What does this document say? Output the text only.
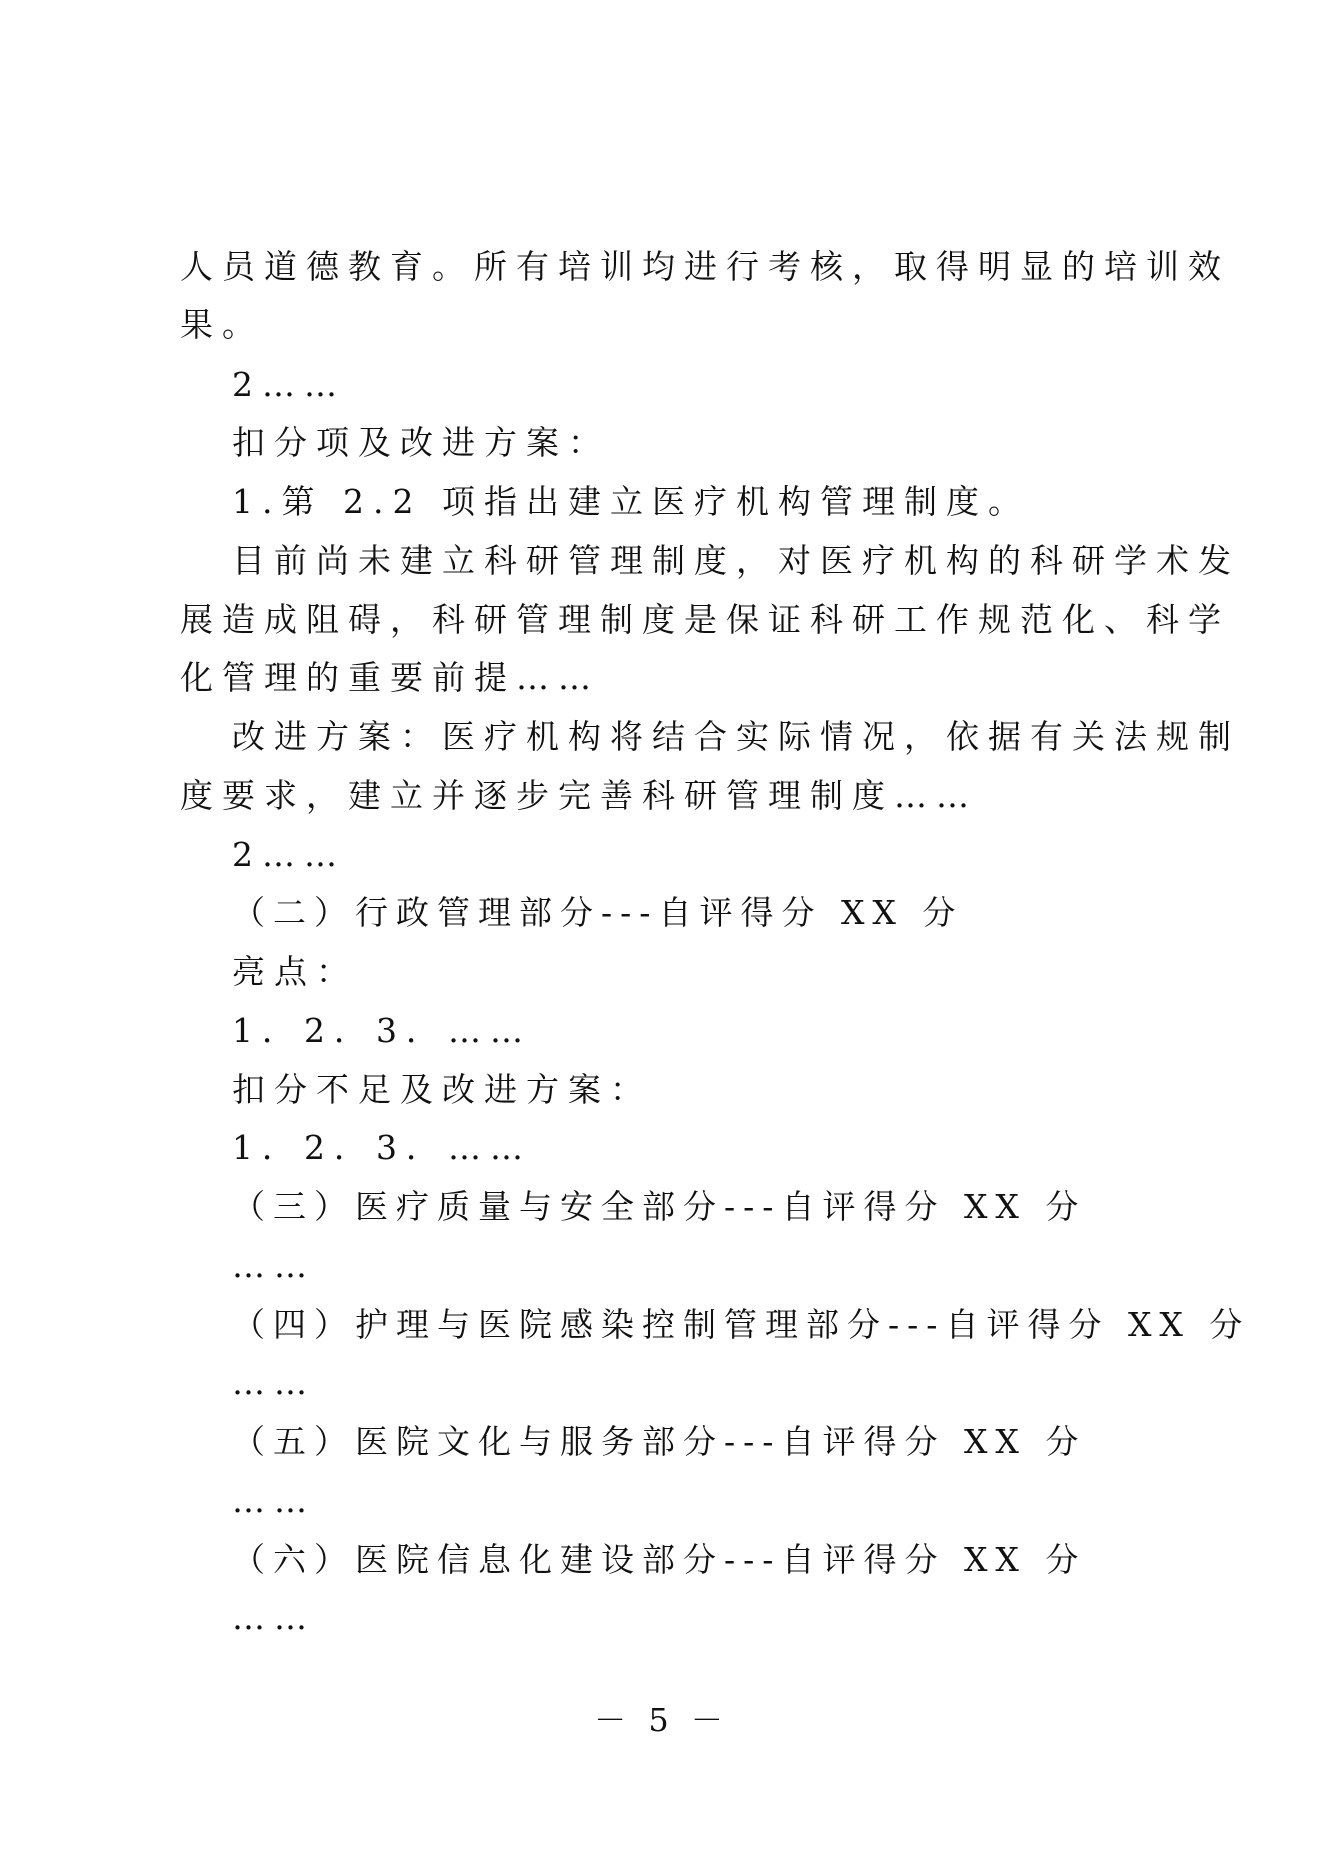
人员道德教育。所有培训均进行考核，取得明显的培训效
果。
2……
扣分项及改进方案：
1.第 2.2 项指出建立医疗机构管理制度。
目前尚未建立科研管理制度，对医疗机构的科研学术发
展造成阻碍，科研管理制度是保证科研工作规范化、科学
化管理的重要前提……
改进方案：医疗机构将结合实际情况，依据有关法规制
度要求，建立并逐步完善科研管理制度……
2……
（二）行政管理部分---自评得分 XX 分
亮点：
1．2．3．……
扣分不足及改进方案：
1．2．3．……
（三）医疗质量与安全部分---自评得分 XX 分
……
（四）护理与医院感染控制管理部分---自评得分 XX 分
……
（五）医院文化与服务部分---自评得分 XX 分
……
（六）医院信息化建设部分---自评得分 XX 分
……
－ 5 －
